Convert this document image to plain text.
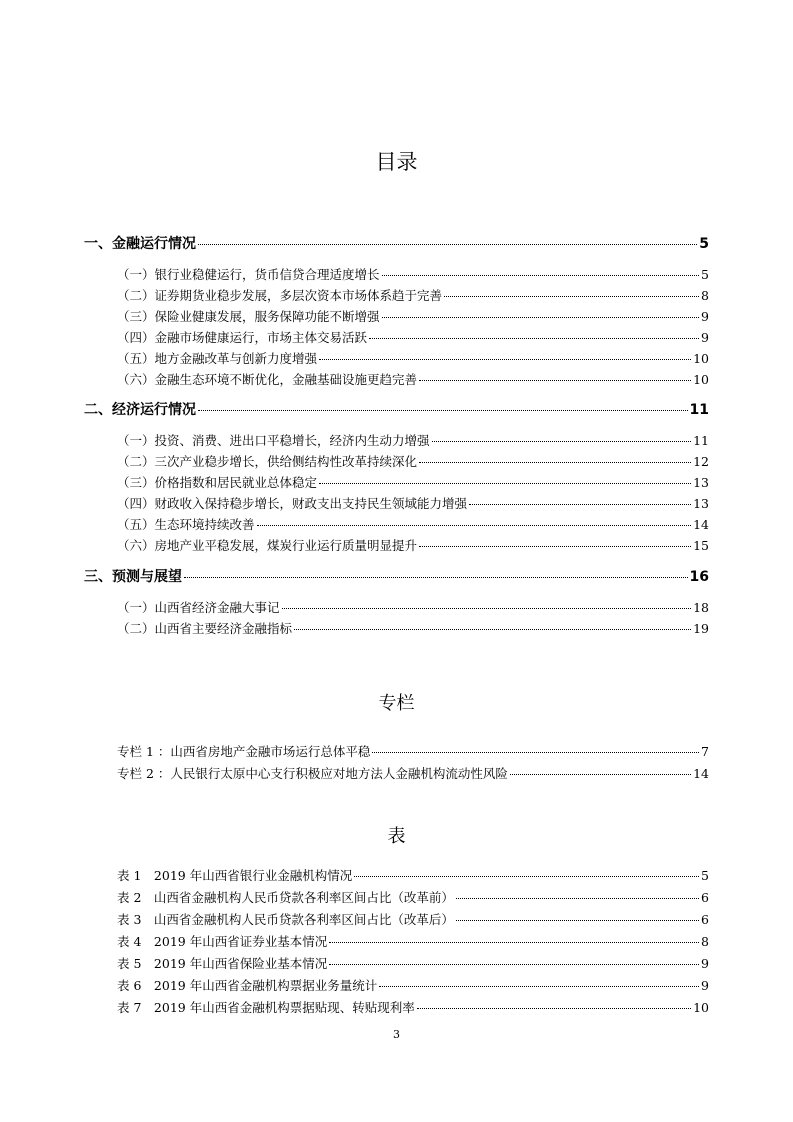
目录
一、金融运行情况	5
（一）银行业稳健运行，货币信贷合理适度增长	5
（二）证券期货业稳步发展，多层次资本市场体系趋于完善	8
（三）保险业健康发展，服务保障功能不断增强	9
（四）金融市场健康运行，市场主体交易活跃	9
（五）地方金融改革与创新力度增强	10
（六）金融生态环境不断优化，金融基础设施更趋完善	10
二、经济运行情况	11
（一）投资、消费、进出口平稳增长，经济内生动力增强	11
（二）三次产业稳步增长，供给侧结构性改革持续深化	12
（三）价格指数和居民就业总体稳定	13
（四）财政收入保持稳步增长，财政支出支持民生领域能力增强	13
（五）生态环境持续改善	14
（六）房地产业平稳发展，煤炭行业运行质量明显提升	15
三、预测与展望	16
（一）山西省经济金融大事记	18
（二）山西省主要经济金融指标	19
专栏
专栏 1 ：山西省房地产金融市场运行总体平稳	7
专栏 2 ：人民银行太原中心支行积极应对地方法人金融机构流动性风险	14
表
表 1　2019 年山西省银行业金融机构情况	5
表 2　山西省金融机构人民币贷款各利率区间占比（改革前）	6
表 3　山西省金融机构人民币贷款各利率区间占比（改革后）	6
表 4　2019 年山西省证券业基本情况	8
表 5　2019 年山西省保险业基本情况	9
表 6　2019 年山西省金融机构票据业务量统计	9
表 7　2019 年山西省金融机构票据贴现、转贴现利率	10
3
